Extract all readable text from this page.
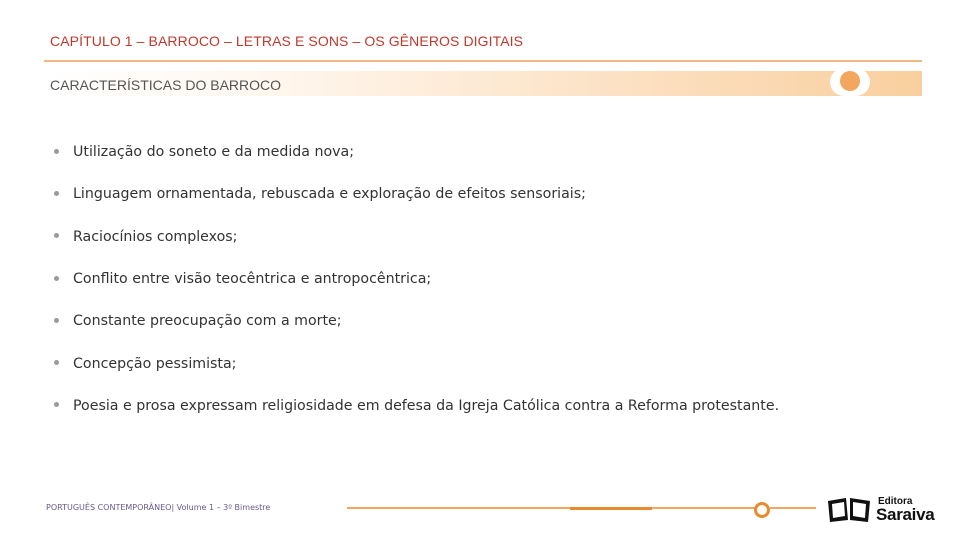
CAPÍTULO 1 – BARROCO – LETRAS E SONS – OS GÊNEROS DIGITAIS
CARACTERÍSTICAS DO BARROCO
Utilização do soneto e da medida nova;
Linguagem ornamentada, rebuscada e exploração de efeitos sensoriais;
Raciocínios complexos;
Conflito entre visão teocêntrica e antropocêntrica;
Constante preocupação com a morte;
Concepção pessimista;
Poesia e prosa expressam religiosidade em defesa da Igreja Católica contra a Reforma protestante.
PORTUGUÊS CONTEMPORÂNEO| Volume 1 – 3º Bimestre
Editora
Saraiva
